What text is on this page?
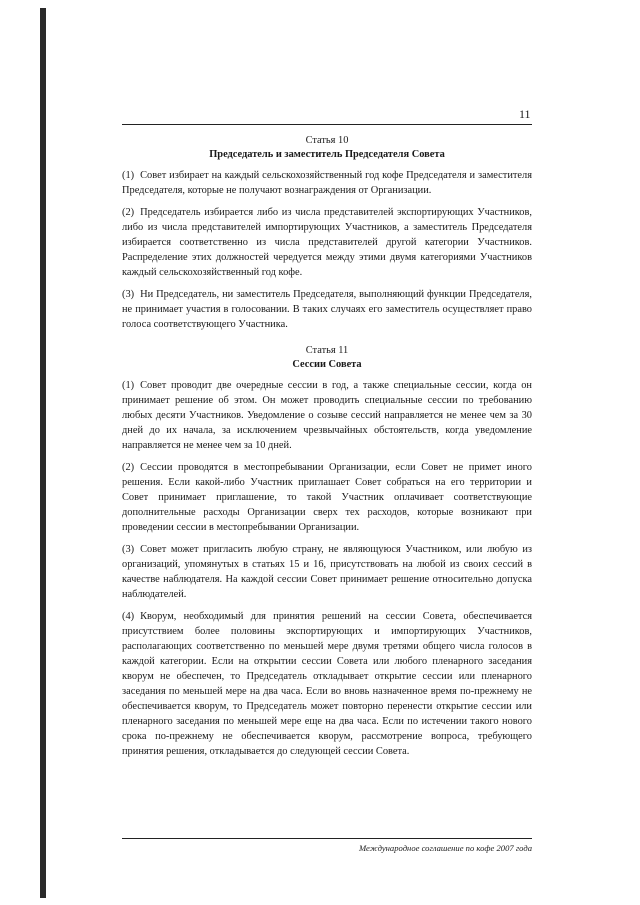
11

Статья 10

Председатель и заместитель Председателя Совета

(1) Совет избирает на каждый сельскохозяйственный год кофе Председателя и заместителя Председателя, которые не получают вознаграждения от Организации.

(2) Председатель избирается либо из числа представителей экспортирующих Участников, либо из числа представителей импортирующих Участников, а заместитель Председателя избирается соответственно из числа представителей другой категории Участников. Распределение этих должностей чередуется между этими двумя категориями Участников каждый сельскохозяйственный год кофе.

(3) Ни Председатель, ни заместитель Председателя, выполняющий функции Председателя, не принимает участия в голосовании. В таких случаях его заместитель осуществляет право голоса соответствующего Участника.

Статья 11

Сессии Совета

(1) Совет проводит две очередные сессии в год, а также специальные сессии, когда он принимает решение об этом. Он может проводить специальные сессии по требованию любых десяти Участников. Уведомление о созыве сессий направляется не менее чем за 30 дней до их начала, за исключением чрезвычайных обстоятельств, когда уведомление направляется не менее чем за 10 дней.

(2) Сессии проводятся в местопребывании Организации, если Совет не примет иного решения. Если какой-либо Участник приглашает Совет собраться на его территории и Совет принимает приглашение, то такой Участник оплачивает соответствующие дополнительные расходы Организации сверх тех расходов, которые возникают при проведении сессии в местопребывании Организации.

(3) Совет может пригласить любую страну, не являющуюся Участником, или любую из организаций, упомянутых в статьях 15 и 16, присутствовать на любой из своих сессий в качестве наблюдателя. На каждой сессии Совет принимает решение относительно допуска наблюдателей.

(4) Кворум, необходимый для принятия решений на сессии Совета, обеспечивается присутствием более половины экспортирующих и импортирующих Участников, располагающих соответственно по меньшей мере двумя третями общего числа голосов в каждой категории. Если на открытии сессии Совета или любого пленарного заседания кворум не обеспечен, то Председатель откладывает открытие сессии или пленарного заседания по меньшей мере на два часа. Если во вновь назначенное время по-прежнему не обеспечивается кворум, то Председатель может повторно перенести открытие сессии или пленарного заседания по меньшей мере еще на два часа. Если по истечении такого нового срока по-прежнему не обеспечивается кворум, рассмотрение вопроса, требующего принятия решения, откладывается до следующей сессии Совета.

Международное соглашение по кофе 2007 года
